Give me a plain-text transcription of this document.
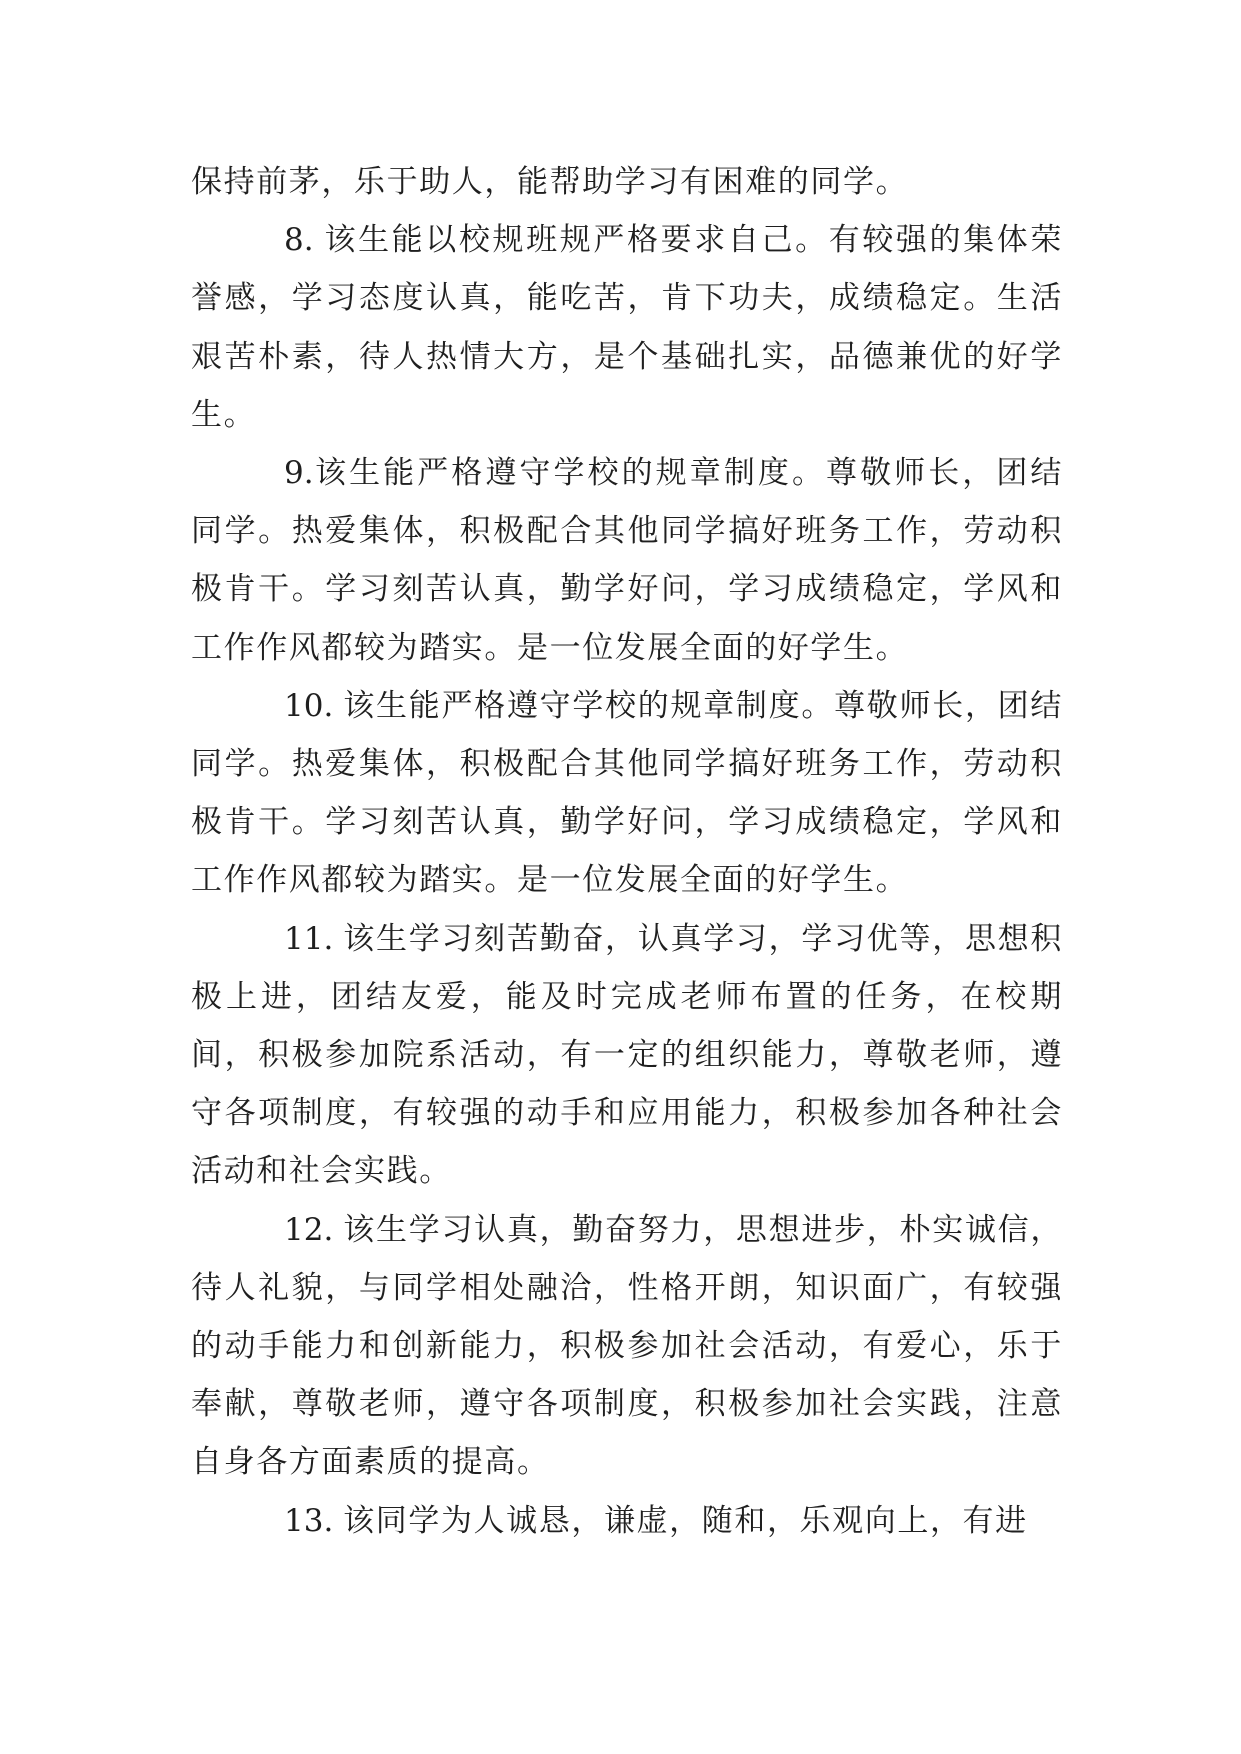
保持前茅，乐于助人，能帮助学习有困难的同学。

8. 该生能以校规班规严格要求自己。有较强的集体荣誉感，学习态度认真，能吃苦，肯下功夫，成绩稳定。生活艰苦朴素，待人热情大方，是个基础扎实，品德兼优的好学生。

9.该生能严格遵守学校的规章制度。尊敬师长，团结同学。热爱集体，积极配合其他同学搞好班务工作，劳动积极肯干。学习刻苦认真，勤学好问，学习成绩稳定，学风和工作作风都较为踏实。是一位发展全面的好学生。

10. 该生能严格遵守学校的规章制度。尊敬师长，团结同学。热爱集体，积极配合其他同学搞好班务工作，劳动积极肯干。学习刻苦认真，勤学好问，学习成绩稳定，学风和工作作风都较为踏实。是一位发展全面的好学生。

11. 该生学习刻苦勤奋，认真学习，学习优等，思想积极上进，团结友爱，能及时完成老师布置的任务，在校期间，积极参加院系活动，有一定的组织能力，尊敬老师，遵守各项制度，有较强的动手和应用能力，积极参加各种社会活动和社会实践。

12. 该生学习认真，勤奋努力，思想进步，朴实诚信，待人礼貌，与同学相处融洽，性格开朗，知识面广，有较强的动手能力和创新能力，积极参加社会活动，有爱心，乐于奉献，尊敬老师，遵守各项制度，积极参加社会实践，注意自身各方面素质的提高。

13. 该同学为人诚恳，谦虚，随和，乐观向上，有进
